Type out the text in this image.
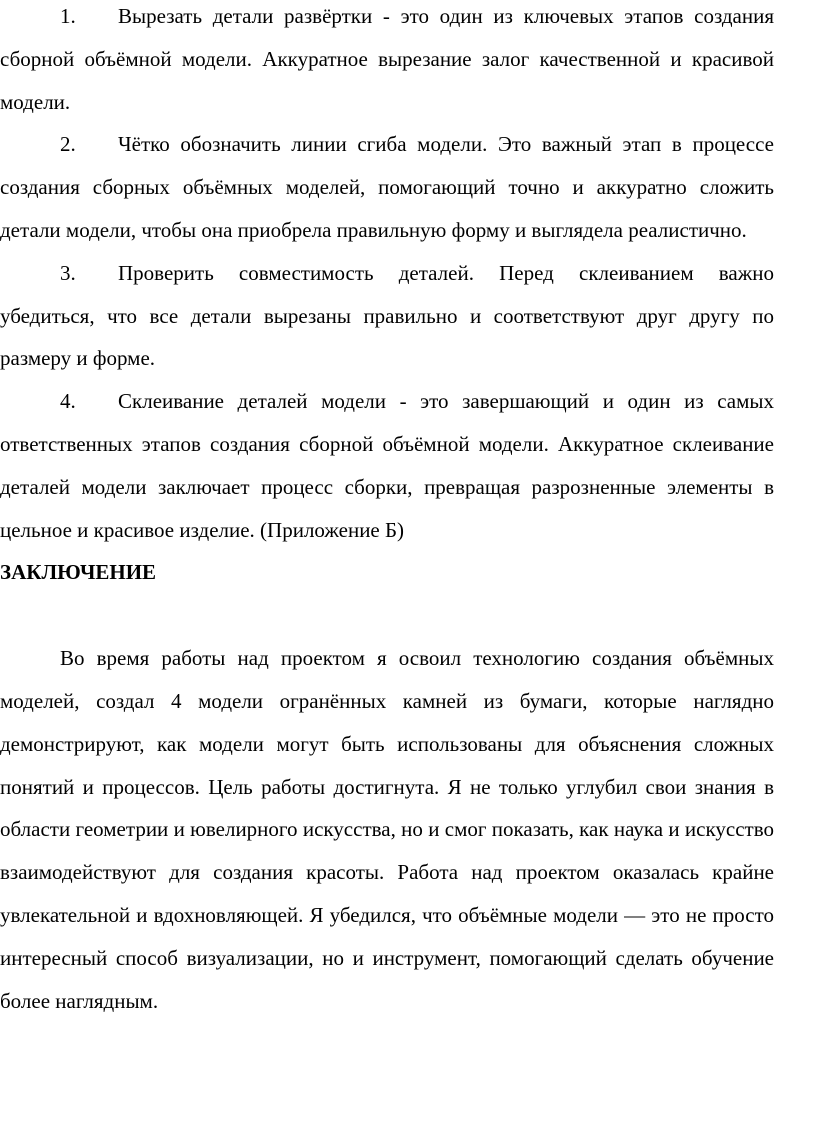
1. Вырезать детали развёртки - это один из ключевых этапов создания сборной объёмной модели. Аккуратное вырезание залог качественной и красивой модели.

2. Чётко обозначить линии сгиба модели. Это важный этап в процессе создания сборных объёмных моделей, помогающий точно и аккуратно сложить детали модели, чтобы она приобрела правильную форму и выглядела реалистично.

3. Проверить совместимость деталей. Перед склеиванием важно убедиться, что все детали вырезаны правильно и соответствуют друг другу по размеру и форме.

4. Склеивание деталей модели - это завершающий и один из самых ответственных этапов создания сборной объёмной модели. Аккуратное склеивание деталей модели заключает процесс сборки, превращая разрозненные элементы в цельное и красивое изделие. (Приложение Б)

ЗАКЛЮЧЕНИЕ

Во время работы над проектом я освоил технологию создания объёмных моделей, создал 4 модели огранённых камней из бумаги, которые наглядно демонстрируют, как модели могут быть использованы для объяснения сложных понятий и процессов. Цель работы достигнута. Я не только углубил свои знания в области геометрии и ювелирного искусства, но и смог показать, как наука и искусство взаимодействуют для создания красоты. Работа над проектом оказалась крайне увлекательной и вдохновляющей. Я убедился, что объёмные модели — это не просто интересный способ визуализации, но и инструмент, помогающий сделать обучение более наглядным.
